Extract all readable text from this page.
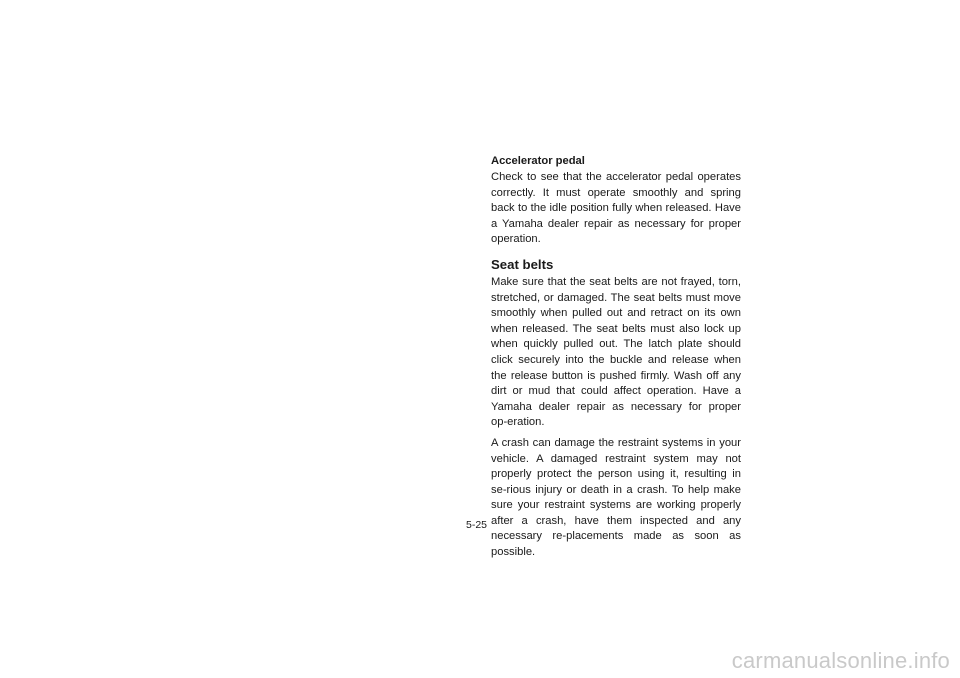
Accelerator pedal

Check to see that the accelerator pedal operates correctly. It must operate smoothly and spring back to the idle position fully when released. Have a Yamaha dealer repair as necessary for proper operation.

Seat belts

Make sure that the seat belts are not frayed, torn, stretched, or damaged. The seat belts must move smoothly when pulled out and retract on its own when released. The seat belts must also lock up when quickly pulled out. The latch plate should click securely into the buckle and release when the release button is pushed firmly. Wash off any dirt or mud that could affect operation. Have a Yamaha dealer repair as necessary for proper op-eration.

A crash can damage the restraint systems in your vehicle. A damaged restraint system may not properly protect the person using it, resulting in se-rious injury or death in a crash. To help make sure your restraint systems are working properly after a crash, have them inspected and any necessary re-placements made as soon as possible.

5-25
carmanualsonline.info
